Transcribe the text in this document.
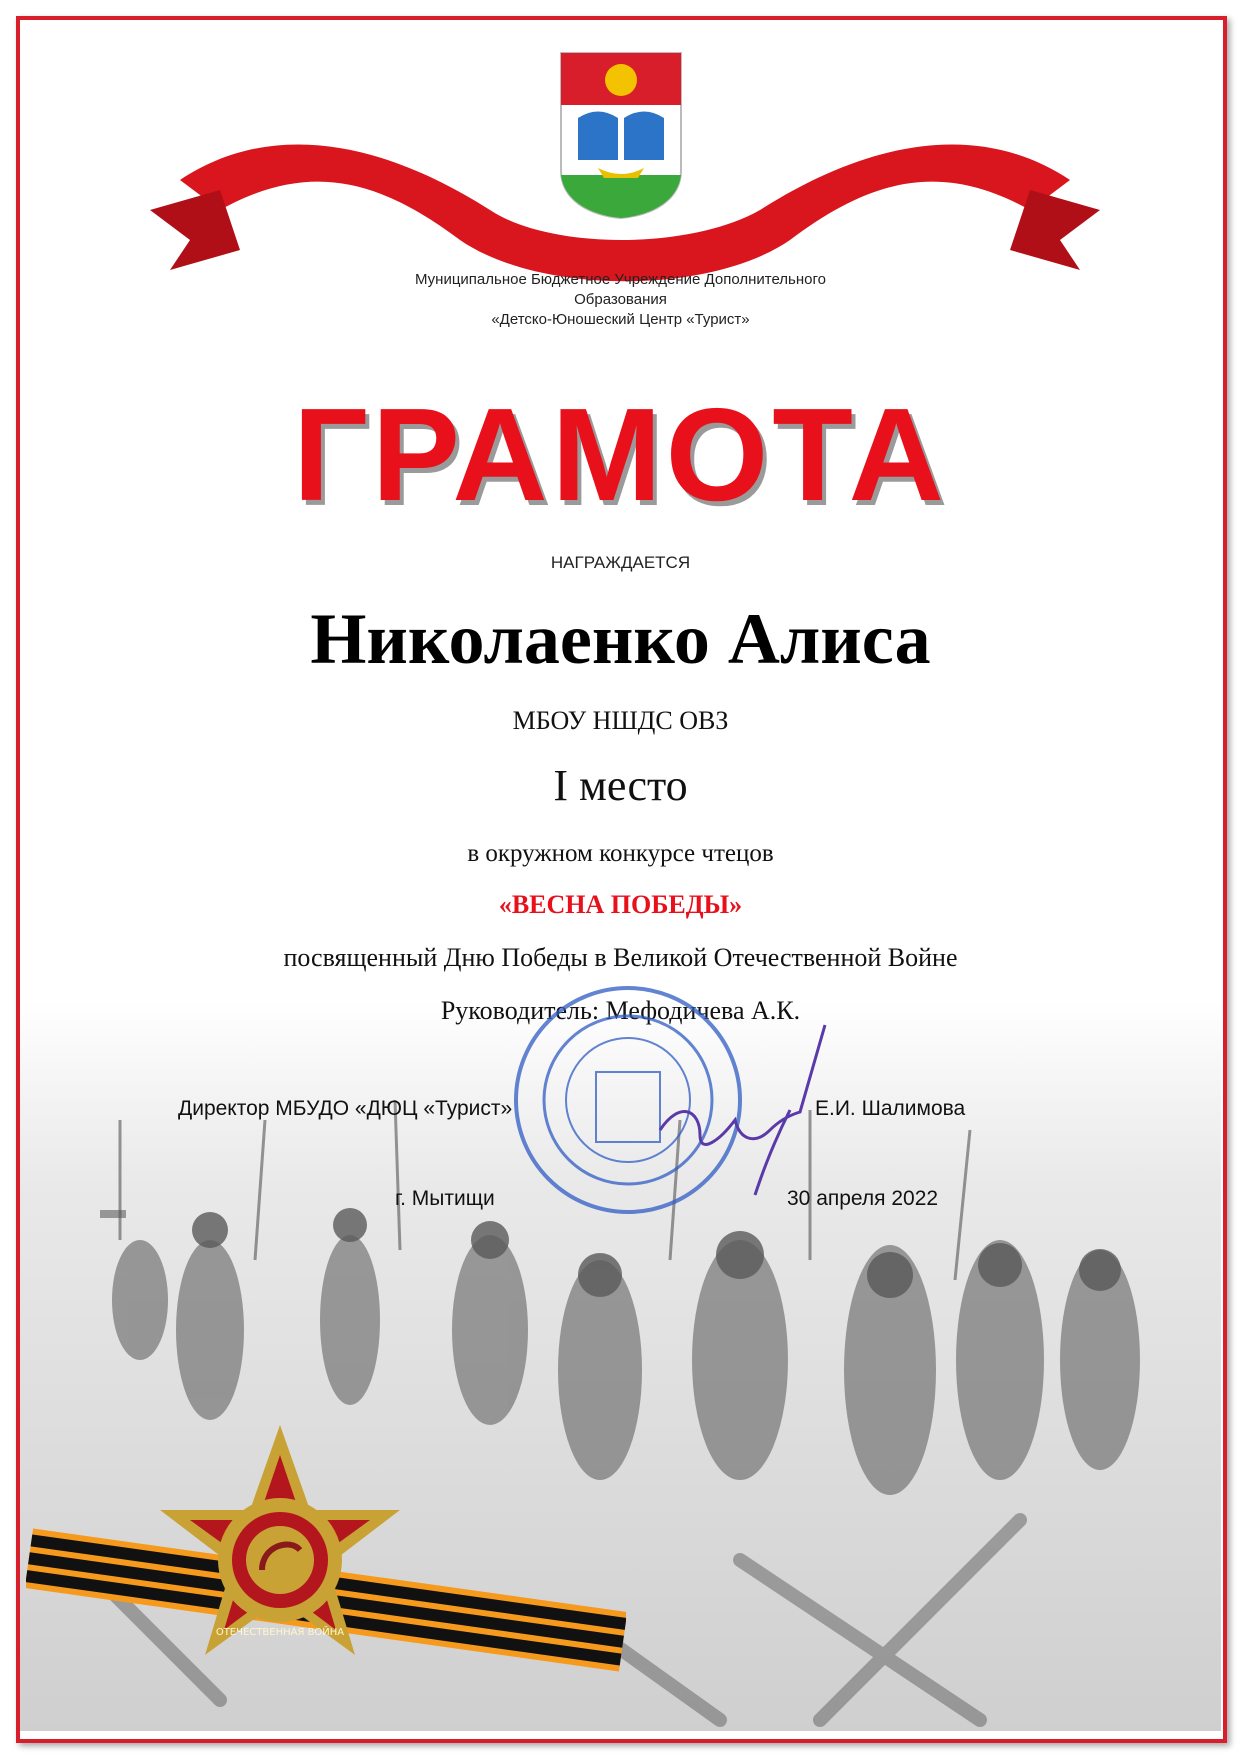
Муниципальное Бюджетное Учреждение Дополнительного
Образования
«Детско-Юношеский Центр «Турист»
ГРАМОТА
НАГРАЖДАЕТСЯ
Николаенко Алиса
МБОУ НШДС ОВЗ
I место
в окружном конкурсе чтецов
«ВЕСНА ПОБЕДЫ»
посвященный Дню Победы в Великой Отечественной Войне
Руководитель: Мефодичева А.К.
Директор МБУДО «ДЮЦ «Турист»	Е.И. Шалимова
г. Мытищи	30 апреля 2022
ОТЕЧЕСТВЕННАЯ ВОЙНА
